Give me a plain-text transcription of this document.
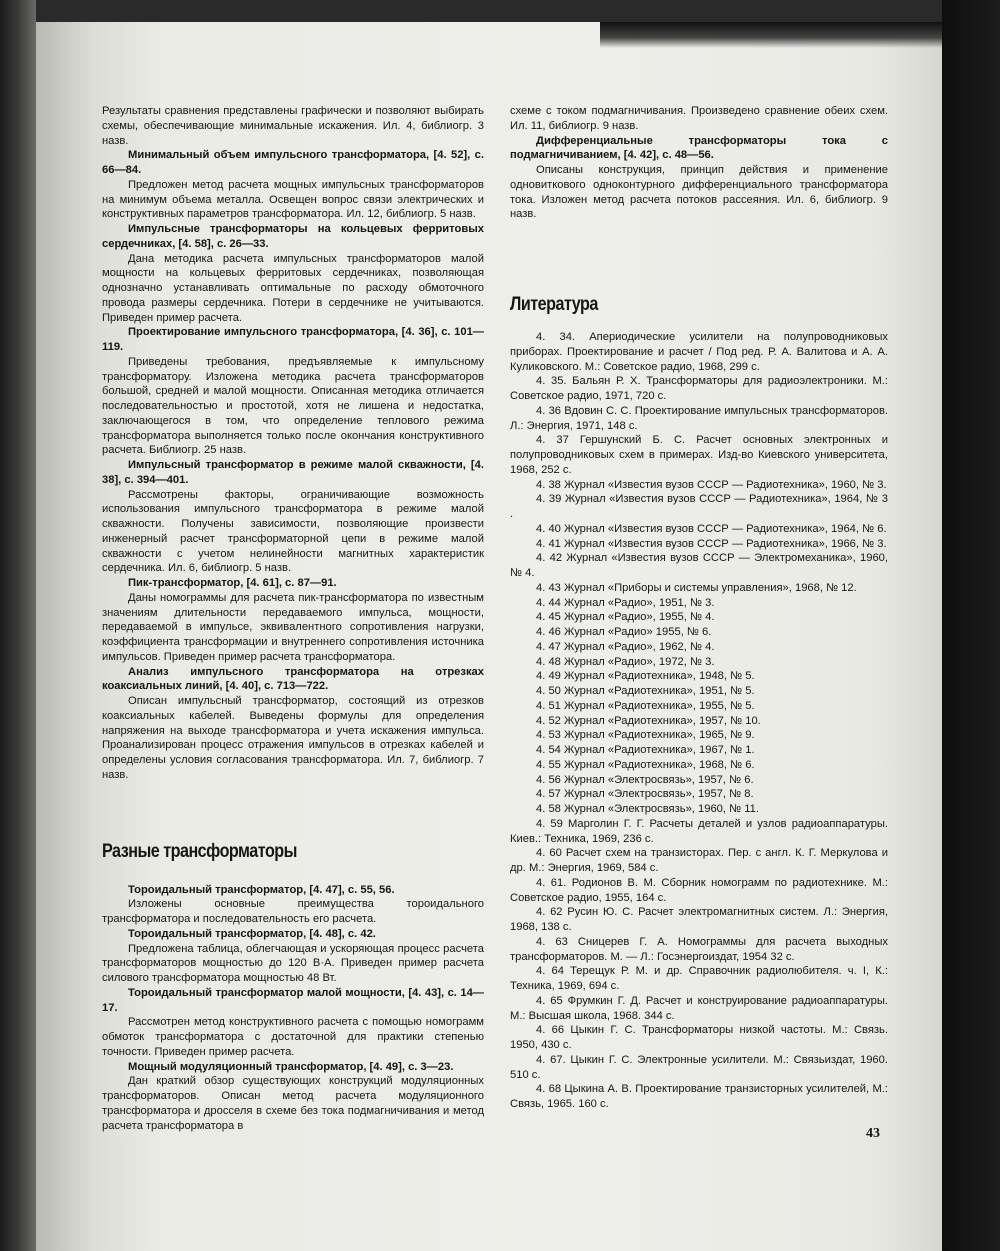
Результаты сравнения представлены графически и позволяют выбирать схемы, обеспечивающие минимальные искажения. Ил. 4, библиогр. 3 назв.

Минимальный объем импульсного трансформатора, [4. 52], с. 66—84.

Предложен метод расчета мощных импульсных трансформаторов на минимум объема металла. Освещен вопрос связи электрических и конструктивных параметров трансформатора. Ил. 12, библиогр. 5 назв.

Импульсные трансформаторы на кольцевых ферритовых сердечниках, [4. 58], с. 26—33.

Дана методика расчета импульсных трансформаторов малой мощности на кольцевых ферритовых сердечниках, позволяющая однозначно устанавливать оптимальные по расходу обмоточного провода размеры сердечника. Потери в сердечнике не учитываются. Приведен пример расчета.

Проектирование импульсного трансформатора, [4. 36], с. 101—119.

Приведены требования, предъявляемые к импульсному трансформатору. Изложена методика расчета трансформаторов большой, средней и малой мощности. Описанная методика отличается последовательностью и простотой, хотя не лишена и недостатка, заключающегося в том, что определение теплового режима трансформатора выполняется только после окончания конструктивного расчета. Библиогр. 25 назв.

Импульсный трансформатор в режиме малой скважности, [4. 38], с. 394—401.

Рассмотрены факторы, ограничивающие возможность использования импульсного трансформатора в режиме малой скважности. Получены зависимости, позволяющие произвести инженерный расчет трансформаторной цепи в режиме малой скважности с учетом нелинейности магнитных характеристик сердечника. Ил. 6, библиогр. 5 назв.

Пик-трансформатор, [4. 61], с. 87—91.

Даны номограммы для расчета пик-трансформатора по известным значениям длительности передаваемого импульса, мощности, передаваемой в импульсе, эквивалентного сопротивления нагрузки, коэффициента трансформации и внутреннего сопротивления источника импульсов. Приведен пример расчета трансформатора.

Анализ импульсного трансформатора на отрезках коаксиальных линий, [4. 40], с. 713—722.

Описан импульсный трансформатор, состоящий из отрезков коаксиальных кабелей. Выведены формулы для определения напряжения на выходе трансформатора и учета искажения импульса. Проанализирован процесс отражения импульсов в отрезках кабелей и определены условия согласования трансформатора. Ил. 7, библиогр. 7 назв.

Разные трансформаторы

Тороидальный трансформатор, [4. 47], с. 55, 56.

Изложены основные преимущества тороидального трансформатора и последовательность его расчета.

Тороидальный трансформатор, [4. 48], с. 42.

Предложена таблица, облегчающая и ускоряющая процесс расчета трансформаторов мощностью до 120 В·А. Приведен пример расчета силового трансформатора мощностью 48 Вт.

Тороидальный трансформатор малой мощности, [4. 43], с. 14—17.

Рассмотрен метод конструктивного расчета с помощью номограмм обмоток трансформатора с достаточной для практики степенью точности. Приведен пример расчета.

Мощный модуляционный трансформатор, [4. 49], с. 3—23.

Дан краткий обзор существующих конструкций модуляционных трансформаторов. Описан метод расчета модуляционного трансформатора и дросселя в схеме без тока подмагничивания и метод расчета трансформатора в

схеме с током подмагничивания. Произведено сравнение обеих схем. Ил. 11, библиогр. 9 назв.

Дифференциальные трансформаторы тока с подмагничиванием, [4. 42], с. 48—56.

Описаны конструкция, принцип действия и применение одновиткового одноконтурного дифференциального трансформатора тока. Изложен метод расчета потоков рассеяния. Ил. 6, библиогр. 9 назв.

Литература

4. 34. Апериодические усилители на полупроводниковых приборах. Проектирование и расчет / Под ред. Р. А. Валитова и А. А. Куликовского. М.: Советское радио, 1968, 299 с.

4. 35. Бальян Р. Х. Трансформаторы для радиоэлектроники. М.: Советское радио, 1971, 720 с.

4. 36 Вдовин С. С. Проектирование импульсных трансформаторов. Л.: Энергия, 1971, 148 с.

4. 37 Гершунский Б. С. Расчет основных электронных и полупроводниковых схем в примерах. Изд-во Киевского университета, 1968, 252 с.

4. 38 Журнал «Известия вузов СССР — Радиотехника», 1960, № 3.

4. 39 Журнал «Известия вузов СССР — Радиотехника», 1964, № 3 .

4. 40 Журнал «Известия вузов СССР — Радиотехника», 1964, № 6.

4. 41 Журнал «Известия вузов СССР — Радиотехника», 1966, № 3.

4. 42 Журнал «Известия вузов СССР — Электромеханика», 1960, № 4.

4. 43 Журнал «Приборы и системы управления», 1968, № 12.

4. 44 Журнал «Радио», 1951, № 3.

4. 45 Журнал «Радио», 1955, № 4.

4. 46 Журнал «Радио» 1955, № 6.

4. 47 Журнал «Радио», 1962, № 4.

4. 48 Журнал «Радио», 1972, № 3.

4. 49 Журнал «Радиотехника», 1948, № 5.

4. 50 Журнал «Радиотехника», 1951, № 5.

4. 51 Журнал «Радиотехника», 1955, № 5.

4. 52 Журнал «Радиотехника», 1957, № 10.

4. 53 Журнал «Радиотехника», 1965, № 9.

4. 54 Журнал «Радиотехника», 1967, № 1.

4. 55 Журнал «Радиотехника», 1968, № 6.

4. 56 Журнал «Электросвязь», 1957, № 6.

4. 57 Журнал «Электросвязь», 1957, № 8.

4. 58 Журнал «Электросвязь», 1960, № 11.

4. 59 Марголин Г. Г. Расчеты деталей и узлов радиоаппаратуры. Киев.: Техника, 1969, 236 с.

4. 60 Расчет схем на транзисторах. Пер. с англ. К. Г. Меркулова и др. М.: Энергия, 1969, 584 с.

4. 61. Родионов В. М. Сборник номограмм по радиотехнике. М.: Советское радио, 1955, 164 с.

4. 62 Русин Ю. С. Расчет электромагнитных систем. Л.: Энергия, 1968, 138 с.

4. 63 Сницерев Г. А. Номограммы для расчета выходных трансформаторов. М. — Л.: Госэнергоиздат, 1954 32 с.

4. 64 Терещук Р. М. и др. Справочник радиолюбителя. ч. I, К.: Техника, 1969, 694 с.

4. 65 Фрумкин Г. Д. Расчет и конструирование радиоаппаратуры. М.: Высшая школа, 1968. 344 с.

4. 66 Цыкин Г. С. Трансформаторы низкой частоты. М.: Связь. 1950, 430 с.

4. 67. Цыкин Г. С. Электронные усилители. М.: Связьиздат, 1960. 510 с.

4. 68 Цыкина А. В. Проектирование транзисторных усилителей, М.: Связь, 1965. 160 с.

43
